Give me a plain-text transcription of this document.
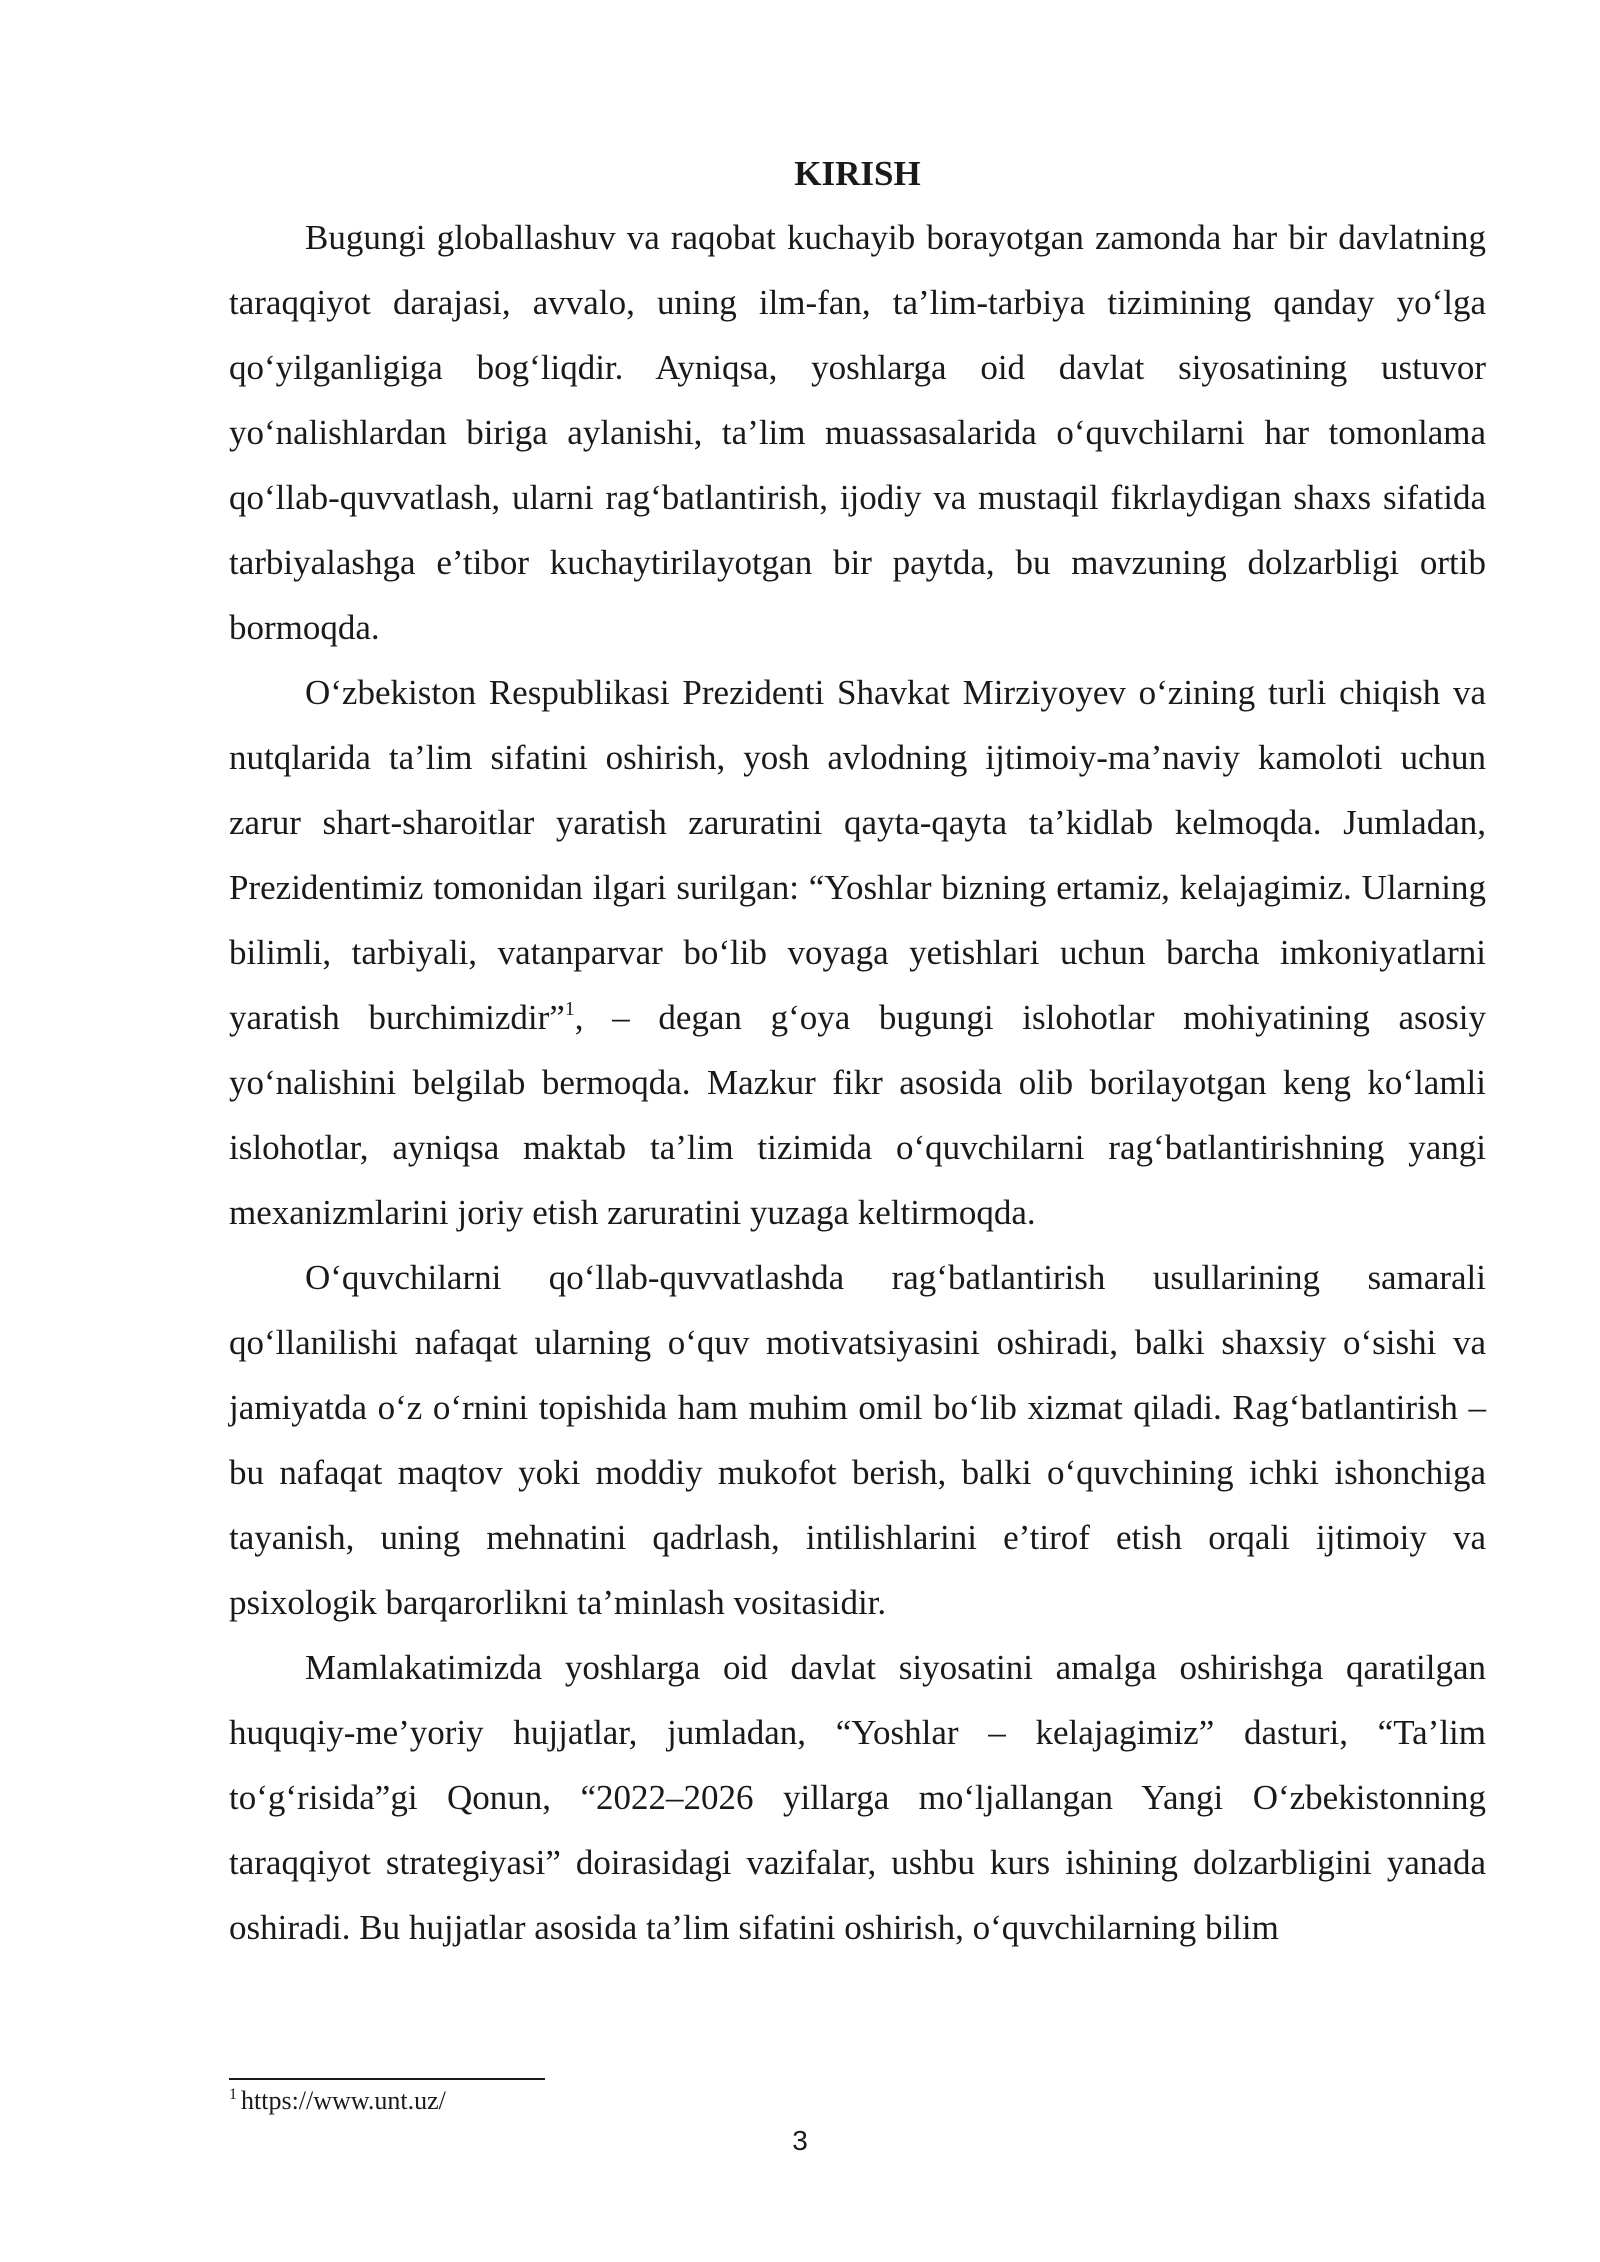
KIRISH

Bugungi globallashuv va raqobat kuchayib borayotgan zamonda har bir davlatning taraqqiyot darajasi, avvalo, uning ilm-fan, ta’lim-tarbiya tizimining qanday yo‘lga qo‘yilganligiga bog‘liqdir. Ayniqsa, yoshlarga oid davlat siyosatining ustuvor yo‘nalishlardan biriga aylanishi, ta’lim muassasalarida o‘quvchilarni har tomonlama qo‘llab-quvvatlash, ularni rag‘batlantirish, ijodiy va mustaqil fikrlaydigan shaxs sifatida tarbiyalashga e’tibor kuchaytirilayotgan bir paytda, bu mavzuning dolzarbligi ortib bormoqda.

O‘zbekiston Respublikasi Prezidenti Shavkat Mirziyoyev o‘zining turli chiqish va nutqlarida ta’lim sifatini oshirish, yosh avlodning ijtimoiy-ma’naviy kamoloti uchun zarur shart-sharoitlar yaratish zaruratini qayta-qayta ta’kidlab kelmoqda. Jumladan, Prezidentimiz tomonidan ilgari surilgan: “Yoshlar bizning ertamiz, kelajagimiz. Ularning bilimli, tarbiyali, vatanparvar bo‘lib voyaga yetishlari uchun barcha imkoniyatlarni yaratish burchimizdir”$^1$, – degan g‘oya bugungi islohotlar mohiyatining asosiy yo‘nalishini belgilab bermoqda. Mazkur fikr asosida olib borilayotgan keng ko‘lamli islohotlar, ayniqsa maktab ta’lim tizimida o‘quvchilarni rag‘batlantirishning yangi mexanizmlarini joriy etish zaruratini yuzaga keltirmoqda.

O‘quvchilarni qo‘llab-quvvatlashda rag‘batlantirish usullarining samarali qo‘llanilishi nafaqat ularning o‘quv motivatsiyasini oshiradi, balki shaxsiy o‘sishi va jamiyatda o‘z o‘rnini topishida ham muhim omil bo‘lib xizmat qiladi. Rag‘batlantirish – bu nafaqat maqtov yoki moddiy mukofot berish, balki o‘quvchining ichki ishonchiga tayanish, uning mehnatini qadrlash, intilishlarini e’tirof etish orqali ijtimoiy va psixologik barqarorlikni ta’minlash vositasidir.

Mamlakatimizda yoshlarga oid davlat siyosatini amalga oshirishga qaratilgan huquqiy-me’yoriy hujjatlar, jumladan, “Yoshlar – kelajagimiz” dasturi, “Ta’lim to‘g‘risida”gi Qonun, “2022–2026 yillarga mo‘ljallangan Yangi O‘zbekistonning taraqqiyot strategiyasi” doirasidagi vazifalar, ushbu kurs ishining dolzarbligini yanada oshiradi. Bu hujjatlar asosida ta’lim sifatini oshirish, o‘quvchilarning bilim

$^1$ https://www.unt.uz/
3
